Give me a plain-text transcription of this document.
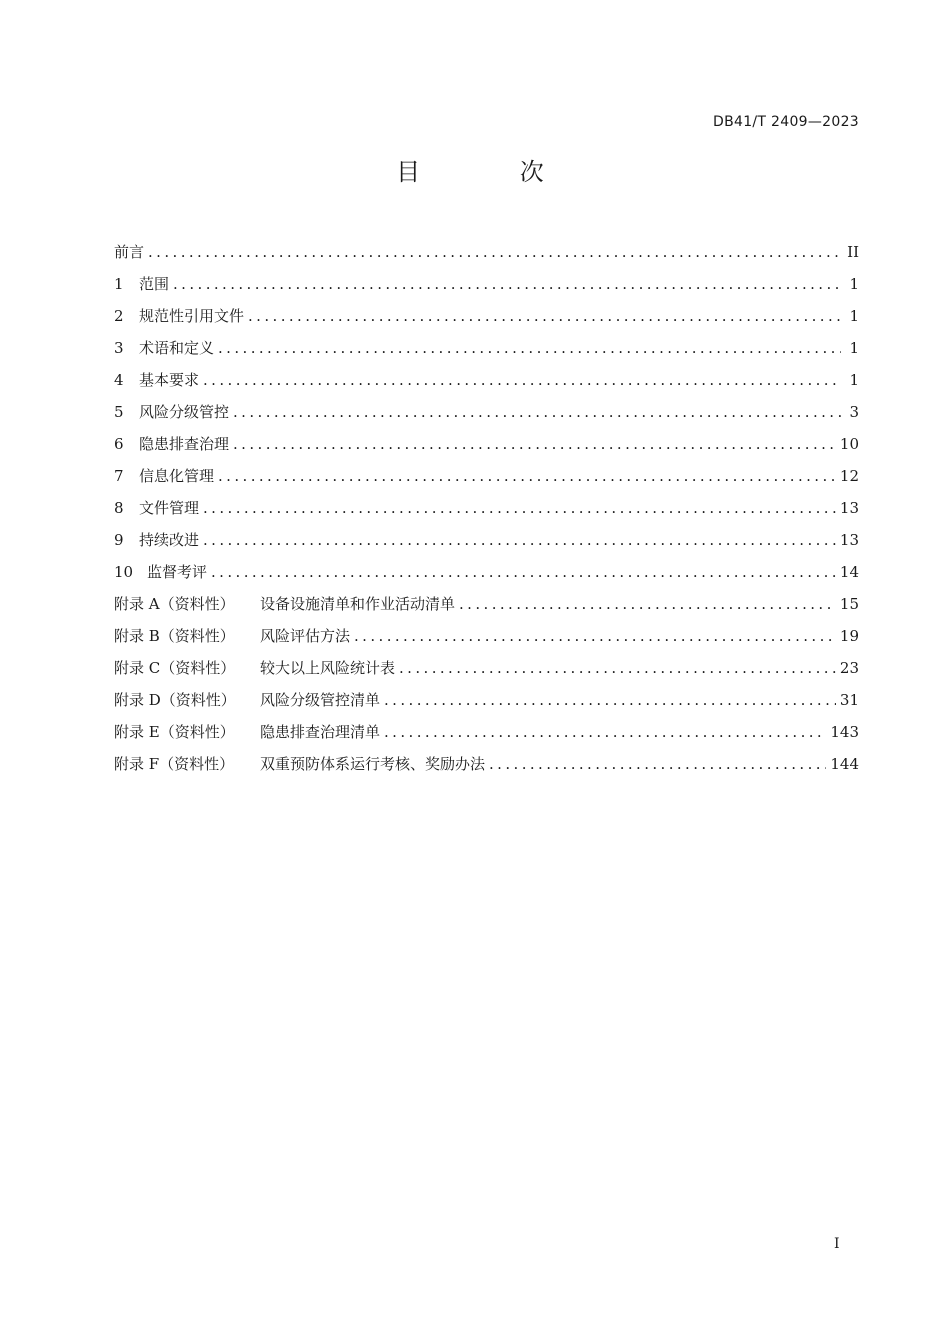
DB41/T 2409—2023
目 次
前言 .....	II
1	范围 .....	1
2	规范性引用文件 .....	1
3	术语和定义 .....	1
4	基本要求 .....	1
5	风险分级管控 .....	3
6	隐患排查治理 .....	10
7	信息化管理 .....	12
8	文件管理 .....	13
9	持续改进 .....	13
10 监督考评 .....	14
附录 A（资料性）	设备设施清单和作业活动清单 .....	15
附录 B（资料性）	风险评估方法 .....	19
附录 C（资料性）	较大以上风险统计表 .....	23
附录 D（资料性）	风险分级管控清单 .....	31
附录 E（资料性）	隐患排查治理清单 .....	143
附录 F（资料性）	双重预防体系运行考核、奖励办法 .....	144
I
